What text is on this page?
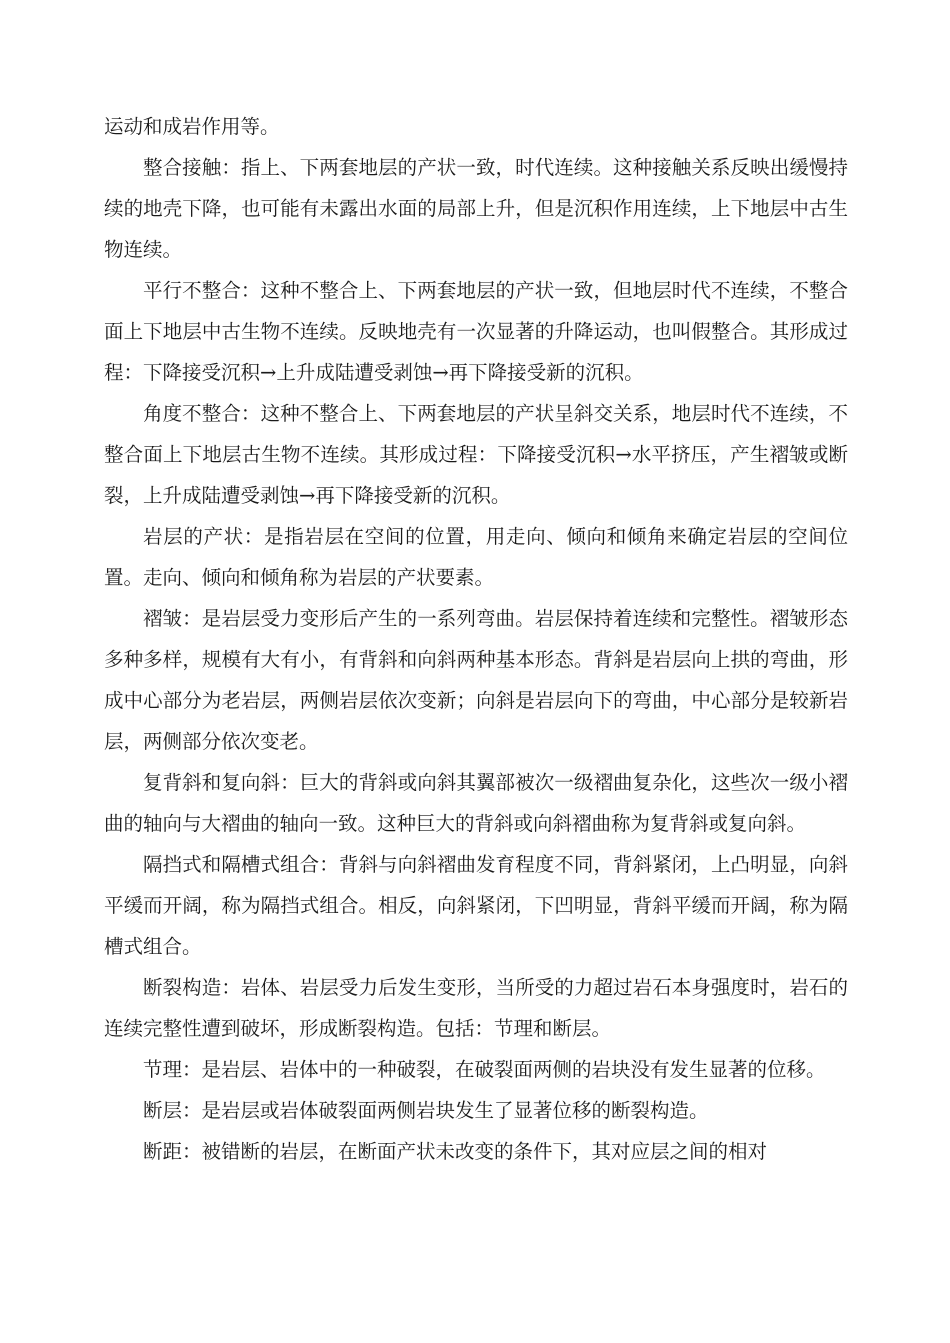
运动和成岩作用等。

整合接触：指上、下两套地层的产状一致，时代连续。这种接触关系反映出缓慢持续的地壳下降，也可能有未露出水面的局部上升，但是沉积作用连续，上下地层中古生物连续。

平行不整合：这种不整合上、下两套地层的产状一致，但地层时代不连续，不整合面上下地层中古生物不连续。反映地壳有一次显著的升降运动，也叫假整合。其形成过程：下降接受沉积→上升成陆遭受剥蚀→再下降接受新的沉积。

角度不整合：这种不整合上、下两套地层的产状呈斜交关系，地层时代不连续，不整合面上下地层古生物不连续。其形成过程：下降接受沉积→水平挤压，产生褶皱或断裂，上升成陆遭受剥蚀→再下降接受新的沉积。

岩层的产状：是指岩层在空间的位置，用走向、倾向和倾角来确定岩层的空间位置。走向、倾向和倾角称为岩层的产状要素。

褶皱：是岩层受力变形后产生的一系列弯曲。岩层保持着连续和完整性。褶皱形态多种多样，规模有大有小，有背斜和向斜两种基本形态。背斜是岩层向上拱的弯曲，形成中心部分为老岩层，两侧岩层依次变新；向斜是岩层向下的弯曲，中心部分是较新岩层，两侧部分依次变老。

复背斜和复向斜：巨大的背斜或向斜其翼部被次一级褶曲复杂化，这些次一级小褶曲的轴向与大褶曲的轴向一致。这种巨大的背斜或向斜褶曲称为复背斜或复向斜。

隔挡式和隔槽式组合：背斜与向斜褶曲发育程度不同，背斜紧闭，上凸明显，向斜平缓而开阔，称为隔挡式组合。相反，向斜紧闭，下凹明显，背斜平缓而开阔，称为隔槽式组合。

断裂构造：岩体、岩层受力后发生变形，当所受的力超过岩石本身强度时，岩石的连续完整性遭到破坏，形成断裂构造。包括：节理和断层。

节理：是岩层、岩体中的一种破裂，在破裂面两侧的岩块没有发生显著的位移。

断层：是岩层或岩体破裂面两侧岩块发生了显著位移的断裂构造。

断距：被错断的岩层，在断面产状未改变的条件下，其对应层之间的相对
